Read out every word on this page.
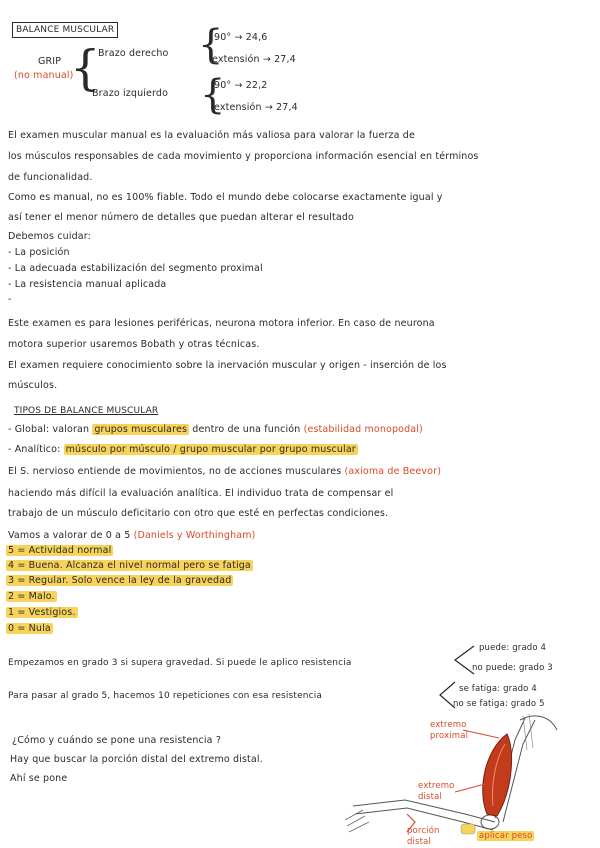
BALANCE MUSCULAR
GRIP
(no manual)
{
Brazo derecho
Brazo izquierdo
{
90° → 24,6
extensión → 27,4
{
90° → 22,2
extensión → 27,4
El examen muscular manual es la evaluación más valiosa para valorar la fuerza de
los músculos responsables de cada movimiento y proporciona información esencial en términos
de funcionalidad.
Como es manual, no es 100% fiable. Todo el mundo debe colocarse exactamente igual y
así tener el menor número de detalles que puedan alterar el resultado
Debemos cuidar:
- La posición
- La adecuada estabilización del segmento proximal
- La resistencia manual aplicada
-
Este examen es para lesiones periféricas, neurona motora inferior. En caso de neurona
motora superior usaremos Bobath y otras técnicas.
El examen requiere conocimiento sobre la inervación muscular y origen - inserción de los
músculos.
TIPOS DE BALANCE MUSCULAR
- Global: valoran grupos musculares dentro de una función (estabilidad monopodal)
- Analítico: músculo por músculo / grupo muscular por grupo muscular
El S. nervioso entiende de movimientos, no de acciones musculares (axioma de Beevor)
haciendo más difícil la evaluación analítica. El individuo trata de compensar el
trabajo de un músculo deficitario con otro que esté en perfectas condiciones.
Vamos a valorar de 0 a 5 (Daniels y Worthingham)
5 = Actividad normal
4 = Buena. Alcanza el nivel normal pero se fatiga
3 = Regular. Solo vence la ley de la gravedad
2 = Malo.
1 = Vestigios.
0 = Nula
Empezamos en grado 3 si supera gravedad. Si puede le aplico resistencia
puede: grado 4
no puede: grado 3
Para pasar al grado 5, hacemos 10 repeticiones con esa resistencia
se fatiga: grado 4
no se fatiga: grado 5
¿Cómo y cuándo se pone una resistencia ?
Hay que buscar la porción distal del extremo distal.
Ahí se pone
extremo proximal
extremo distal
porción distal
aplicar peso
